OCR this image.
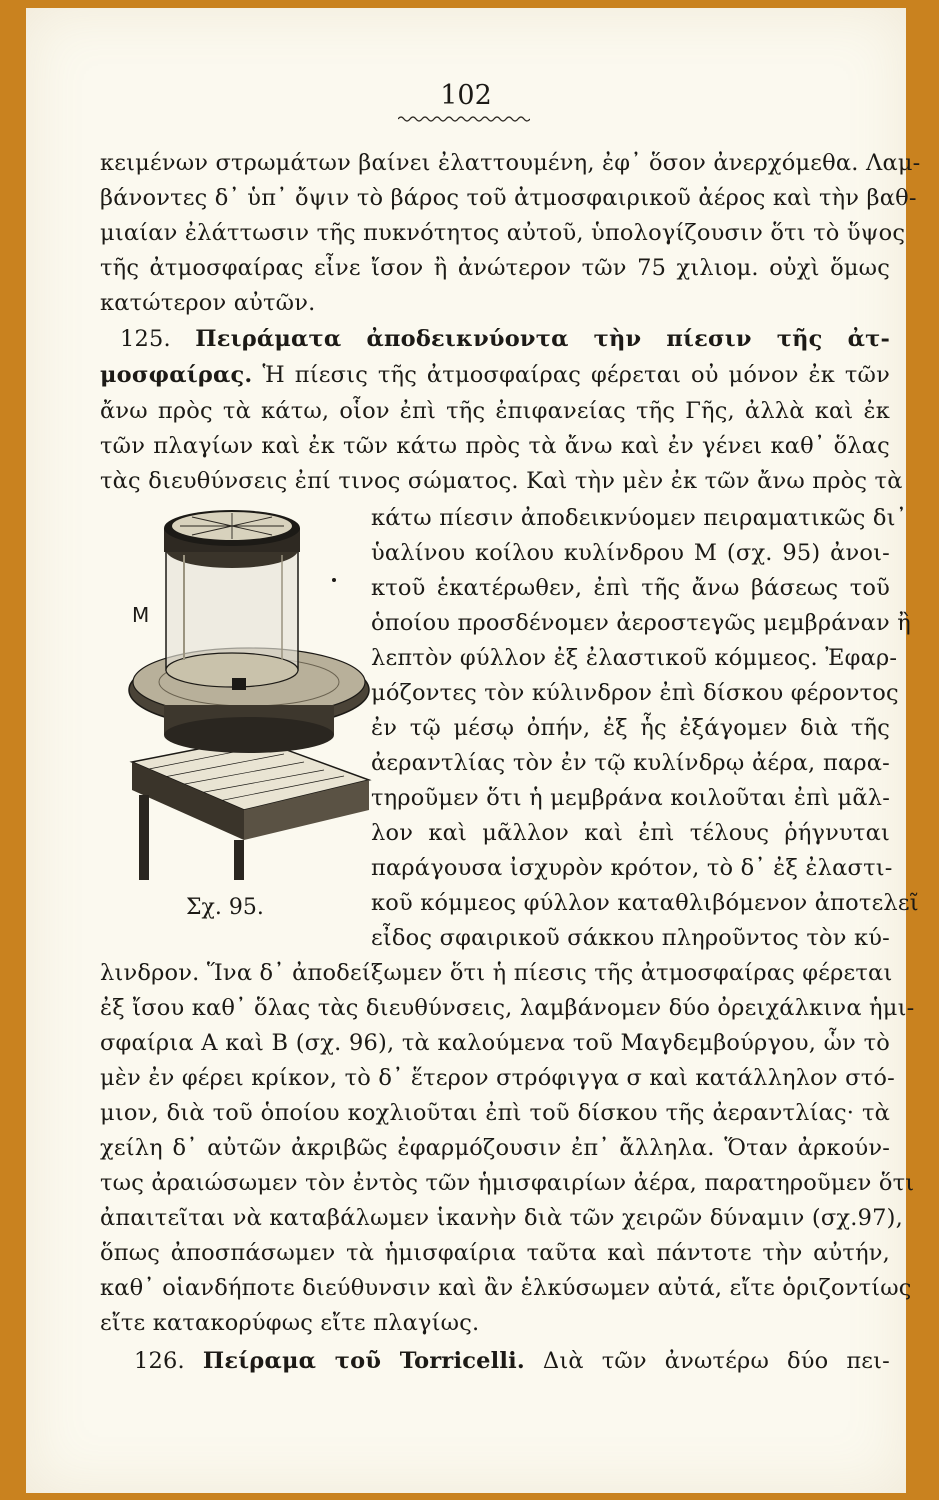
102
κειμένων στρωμάτων βαίνει ἐλαττουμένη, ἐφ᾽ ὅσον ἀνερχόμεθα. Λαμ-
βάνοντες δ᾽ ὑπ᾽ ὄψιν τὸ βάρος τοῦ ἀτμοσφαιρικοῦ ἀέρος καὶ τὴν βαθ-
μιαίαν ἐλάττωσιν τῆς πυκνότητος αὐτοῦ, ὑπολογίζουσιν ὅτι τὸ ὕψος
τῆς ἀτμοσφαίρας εἶνε ἴσον ἢ ἀνώτερον τῶν 75 χιλιομ. οὐχὶ ὅμως
κατώτερον αὐτῶν.
125. Πειράματα ἀποδεικνύοντα τὴν πίεσιν τῆς ἀτ-
μοσφαίρας. Ἡ πίεσις τῆς ἀτμοσφαίρας φέρεται οὐ μόνον ἐκ τῶν
ἄνω πρὸς τὰ κάτω, οἷον ἐπὶ τῆς ἐπιφανείας τῆς Γῆς, ἀλλὰ καὶ ἐκ
τῶν πλαγίων καὶ ἐκ τῶν κάτω πρὸς τὰ ἄνω καὶ ἐν γένει καθ᾽ ὅλας
τὰς διευθύνσεις ἐπί τινος σώματος. Καὶ τὴν μὲν ἐκ τῶν ἄνω πρὸς τὰ
Μ
κάτω πίεσιν ἀποδεικνύομεν πειραματικῶς δι᾽
ὑαλίνου κοίλου κυλίνδρου Μ (σχ. 95) ἀνοι-
κτοῦ ἑκατέρωθεν, ἐπὶ τῆς ἄνω βάσεως τοῦ
ὁποίου προσδένομεν ἀεροστεγῶς μεμβράναν ἢ
λεπτὸν φύλλον ἐξ ἐλαστικοῦ κόμμεος. Ἐφαρ-
μόζοντες τὸν κύλινδρον ἐπὶ δίσκου φέροντος
ἐν τῷ μέσῳ ὀπήν, ἐξ ἧς ἐξάγομεν διὰ τῆς
ἀεραντλίας τὸν ἐν τῷ κυλίνδρῳ ἀέρα, παρα-
τηροῦμεν ὅτι ἡ μεμβράνα κοιλοῦται ἐπὶ μᾶλ-
λον καὶ μᾶλλον καὶ ἐπὶ τέλους ῥήγνυται
παράγουσα ἰσχυρὸν κρότον, τὸ δ᾽ ἐξ ἐλαστι-
κοῦ κόμμεος φύλλον καταθλιβόμενον ἀποτελεῖ
εἶδος σφαιρικοῦ σάκκου πληροῦντος τὸν κύ-
Σχ. 95.
λινδρον. Ἵνα δ᾽ ἀποδείξωμεν ὅτι ἡ πίεσις τῆς ἀτμοσφαίρας φέρεται
ἐξ ἴσου καθ᾽ ὅλας τὰς διευθύνσεις, λαμβάνομεν δύο ὀρειχάλκινα ἡμι-
σφαίρια Α καὶ Β (σχ. 96), τὰ καλούμενα τοῦ Μαγδεμβούργου, ὧν τὸ
μὲν ἐν φέρει κρίκον, τὸ δ᾽ ἕτερον στρόφιγγα σ καὶ κατάλληλον στό-
μιον, διὰ τοῦ ὁποίου κοχλιοῦται ἐπὶ τοῦ δίσκου τῆς ἀεραντλίας· τὰ
χείλη δ᾽ αὐτῶν ἀκριβῶς ἐφαρμόζουσιν ἐπ᾽ ἄλληλα. Ὅταν ἀρκούν-
τως ἀραιώσωμεν τὸν ἐντὸς τῶν ἡμισφαιρίων ἀέρα, παρατηροῦμεν ὅτι
ἀπαιτεῖται νὰ καταβάλωμεν ἱκανὴν διὰ τῶν χειρῶν δύναμιν (σχ.97),
ὅπως ἀποσπάσωμεν τὰ ἡμισφαίρια ταῦτα καὶ πάντοτε τὴν αὐτήν,
καθ᾽ οἱανδήποτε διεύθυνσιν καὶ ἂν ἑλκύσωμεν αὐτά, εἴτε ὁριζοντίως
εἴτε κατακορύφως εἴτε πλαγίως.
126. Πείραμα τοῦ Torricelli. Διὰ τῶν ἀνωτέρω δύο πει-
